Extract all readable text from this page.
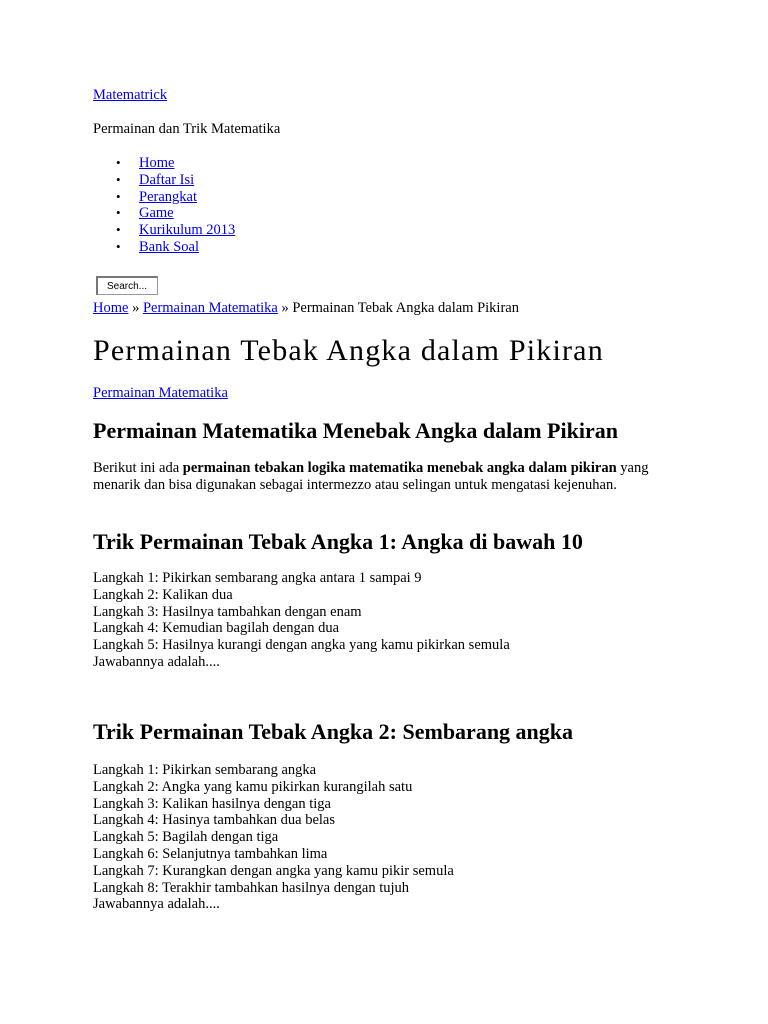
Matematrick
Permainan dan Trik Matematika
• Home
• Daftar Isi
• Perangkat
• Game
• Kurikulum 2013
• Bank Soal
Search...
Home » Permainan Matematika » Permainan Tebak Angka dalam Pikiran
Permainan Tebak Angka dalam Pikiran
Permainan Matematika
Permainan Matematika Menebak Angka dalam Pikiran
Berikut ini ada permainan tebakan logika matematika menebak angka dalam pikiran yang menarik dan bisa digunakan sebagai intermezzo atau selingan untuk mengatasi kejenuhan.
Trik Permainan Tebak Angka 1: Angka di bawah 10
Langkah 1: Pikirkan sembarang angka antara 1 sampai 9
Langkah 2: Kalikan dua
Langkah 3: Hasilnya tambahkan dengan enam
Langkah 4: Kemudian bagilah dengan dua
Langkah 5: Hasilnya kurangi dengan angka yang kamu pikirkan semula
Jawabannya adalah....
Trik Permainan Tebak Angka 2: Sembarang angka
Langkah 1: Pikirkan sembarang angka
Langkah 2: Angka yang kamu pikirkan kurangilah satu
Langkah 3: Kalikan hasilnya dengan tiga
Langkah 4: Hasinya tambahkan dua belas
Langkah 5: Bagilah dengan tiga
Langkah 6: Selanjutnya tambahkan lima
Langkah 7: Kurangkan dengan angka yang kamu pikir semula
Langkah 8: Terakhir tambahkan hasilnya dengan tujuh
Jawabannya adalah....
